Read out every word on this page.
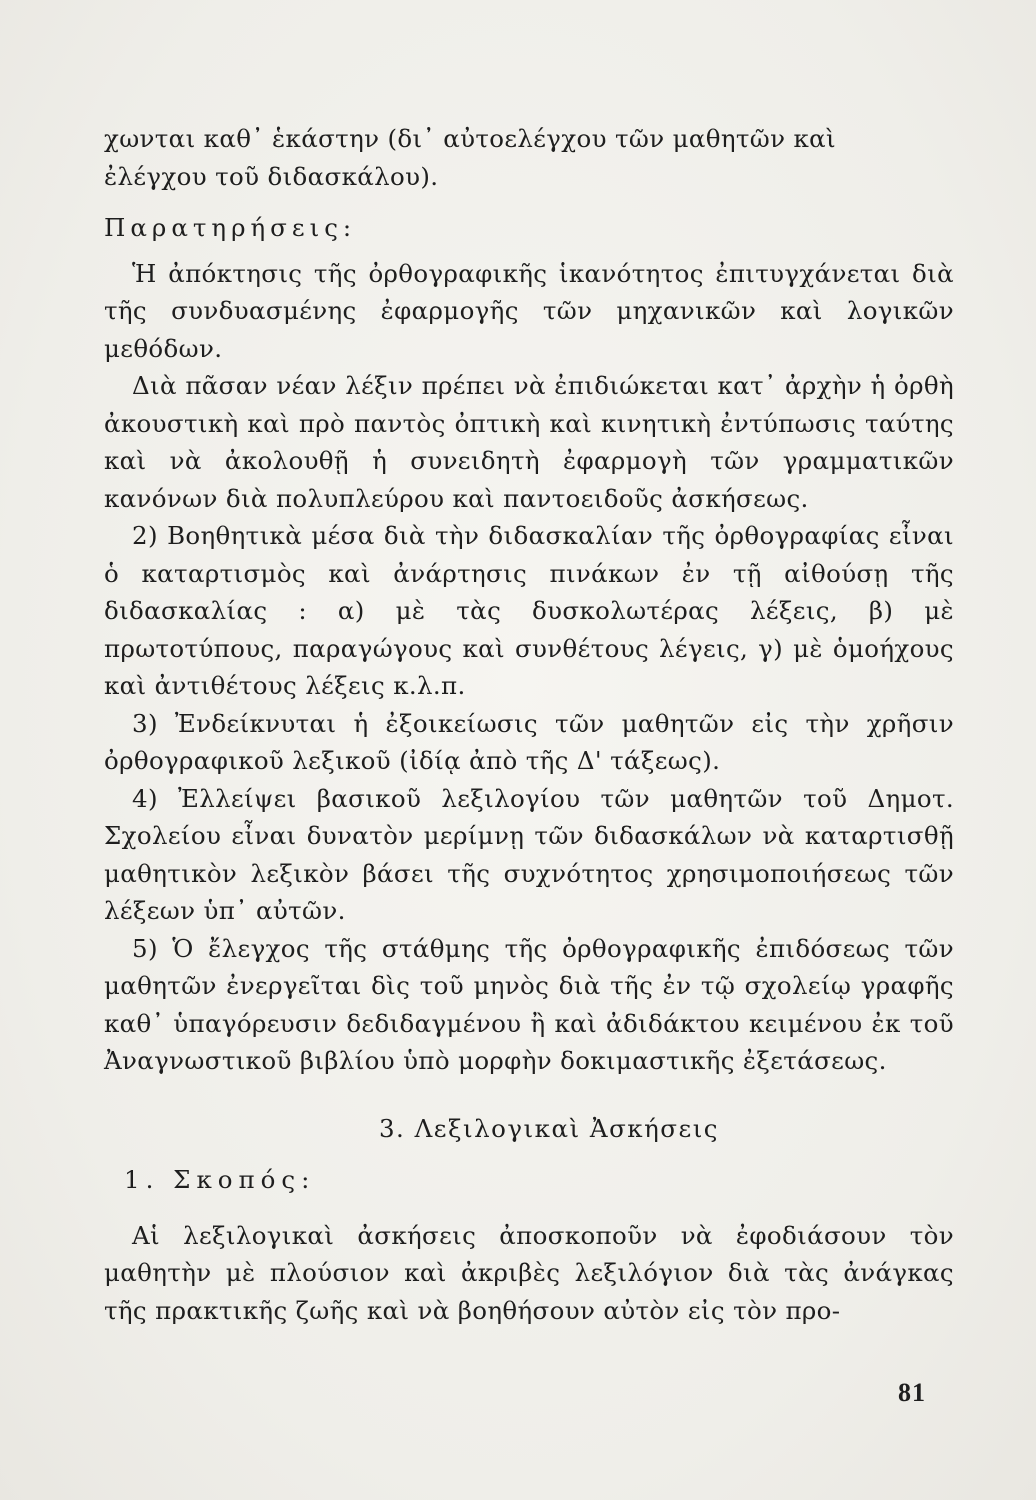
χωνται καθ᾽ ἑκάστην (δι᾽ αὐτοελέγχου τῶν μαθητῶν καὶ

ἐλέγχου τοῦ διδασκάλου).

Παρατηρήσεις:

Ἡ ἀπόκτησις τῆς ὀρθογραφικῆς ἱκανότητος ἐπιτυγχάνεται διὰ τῆς συνδυασμένης ἐφαρμογῆς τῶν μηχανικῶν καὶ λογικῶν μεθόδων.

Διὰ πᾶσαν νέαν λέξιν πρέπει νὰ ἐπιδιώκεται κατ᾽ ἀρχὴν ἡ ὀρθὴ ἀκουστικὴ καὶ πρὸ παντὸς ὀπτικὴ καὶ κινητικὴ ἐντύπωσις ταύτης καὶ νὰ ἀκολουθῇ ἡ συνειδητὴ ἐφαρμογὴ τῶν γραμματικῶν κανόνων διὰ πολυπλεύρου καὶ παντοειδοῦς ἀσκήσεως.

2) Βοηθητικὰ μέσα διὰ τὴν διδασκαλίαν τῆς ὀρθογραφίας εἶναι ὁ καταρτισμὸς καὶ ἀνάρτησις πινάκων ἐν τῇ αἰθούσῃ τῆς διδασκαλίας : α) μὲ τὰς δυσκολωτέρας λέξεις, β) μὲ πρωτοτύπους, παραγώγους καὶ συνθέτους λέγεις, γ) μὲ ὁμοήχους καὶ ἀντιθέτους λέξεις κ.λ.π.

3) Ἐνδείκνυται ἡ ἐξοικείωσις τῶν μαθητῶν εἰς τὴν χρῆσιν ὀρθογραφικοῦ λεξικοῦ (ἰδίᾳ ἀπὸ τῆς Δ' τάξεως).

4) Ἐλλείψει βασικοῦ λεξιλογίου τῶν μαθητῶν τοῦ Δημοτ. Σχολείου εἶναι δυνατὸν μερίμνῃ τῶν διδασκάλων νὰ καταρτισθῇ μαθητικὸν λεξικὸν βάσει τῆς συχνότητος χρησιμοποιήσεως τῶν λέξεων ὑπ᾽ αὐτῶν.

5) Ὁ ἔλεγχος τῆς στάθμης τῆς ὀρθογραφικῆς ἐπιδόσεως τῶν μαθητῶν ἐνεργεῖται δὶς τοῦ μηνὸς διὰ τῆς ἐν τῷ σχολείῳ γραφῆς καθ᾽ ὑπαγόρευσιν δεδιδαγμένου ἢ καὶ ἀδιδάκτου κειμένου ἐκ τοῦ Ἀναγνωστικοῦ βιβλίου ὑπὸ μορφὴν δοκιμαστικῆς ἐξετάσεως.

3. Λεξιλογικαὶ Ἀσκήσεις

1. Σκοπός:

Αἱ λεξιλογικαὶ ἀσκήσεις ἀποσκοποῦν νὰ ἐφοδιάσουν τὸν μαθητὴν μὲ πλούσιον καὶ ἀκριβὲς λεξιλόγιον διὰ τὰς ἀνάγκας τῆς πρακτικῆς ζωῆς καὶ νὰ βοηθήσουν αὐτὸν εἰς τὸν προ-

81
